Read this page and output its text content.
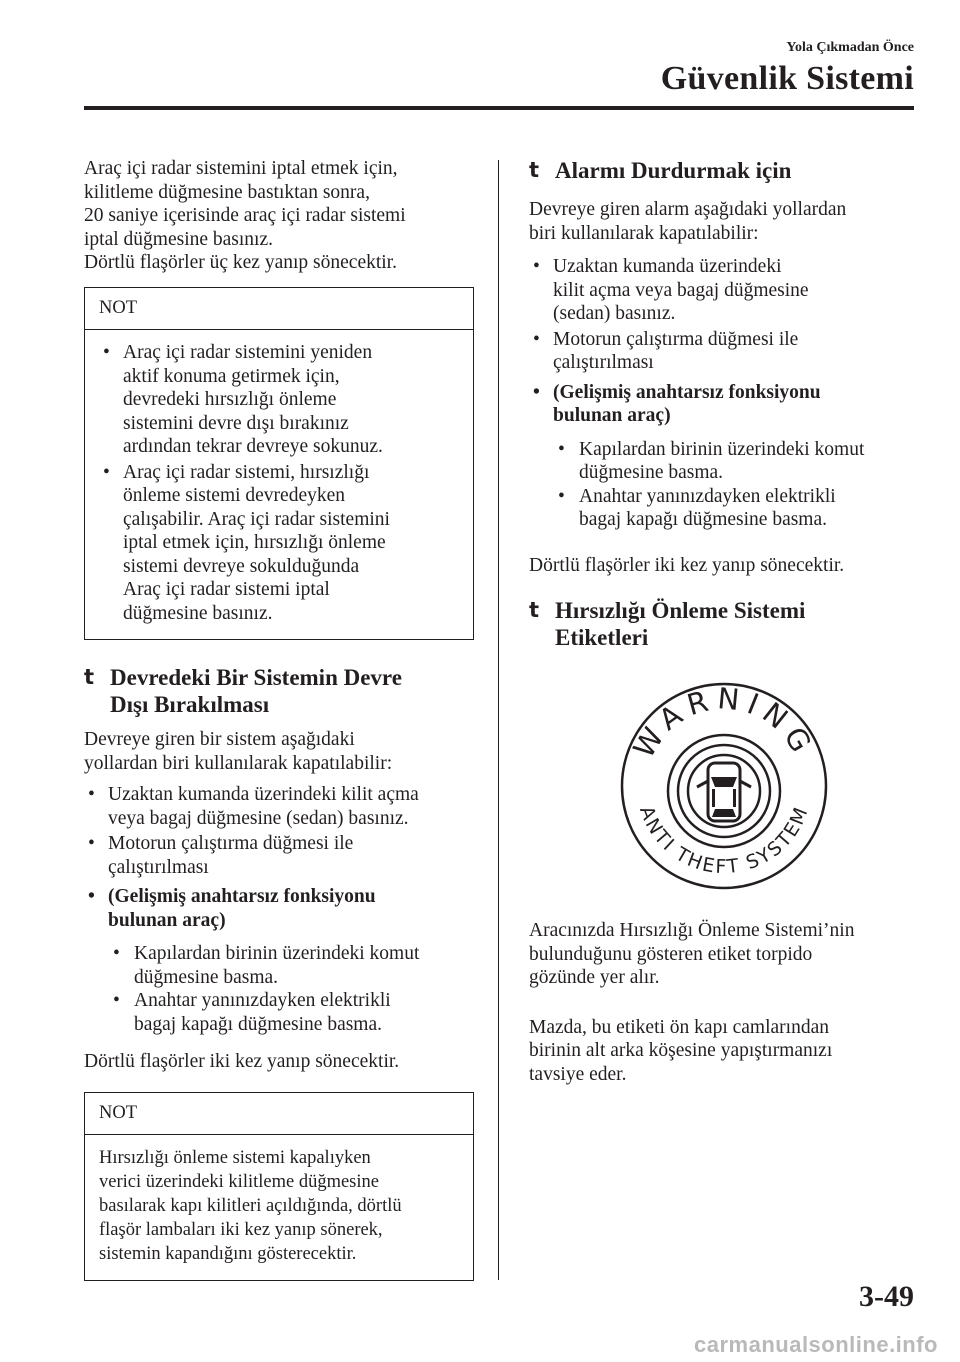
Yola Çıkmadan Önce
Güvenlik Sistemi
Araç içi radar sistemini iptal etmek için,
kilitleme düğmesine bastıktan sonra,
20 saniye içerisinde araç içi radar sistemi
iptal düğmesine basınız.
Dörtlü flaşörler üç kez yanıp sönecektir.
NOT
• Araç içi radar sistemini yeniden
aktif konuma getirmek için,
devredeki hırsızlığı önleme
sistemini devre dışı bırakınız
ardından tekrar devreye sokunuz.
• Araç içi radar sistemi, hırsızlığı
önleme sistemi devredeyken
çalışabilir. Araç içi radar sistemini
iptal etmek için, hırsızlığı önleme
sistemi devreye sokulduğunda
Araç içi radar sistemi iptal
düğmesine basınız.
t Devredeki Bir Sistemin Devre
Dışı Bırakılması
Devreye giren bir sistem aşağıdaki
yollardan biri kullanılarak kapatılabilir:
• Uzaktan kumanda üzerindeki kilit açma
veya bagaj düğmesine (sedan) basınız.
• Motorun çalıştırma düğmesi ile
çalıştırılması
• (Gelişmiş anahtarsız fonksiyonu
bulunan araç)
• Kapılardan birinin üzerindeki komut
düğmesine basma.
• Anahtar yanınızdayken elektrikli
bagaj kapağı düğmesine basma.
Dörtlü flaşörler iki kez yanıp sönecektir.
NOT
Hırsızlığı önleme sistemi kapalıyken
verici üzerindeki kilitleme düğmesine
basılarak kapı kilitleri açıldığında, dörtlü
flaşör lambaları iki kez yanıp sönerek,
sistemin kapandığını gösterecektir.
t Alarmı Durdurmak için
Devreye giren alarm aşağıdaki yollardan
biri kullanılarak kapatılabilir:
• Uzaktan kumanda üzerindeki
kilit açma veya bagaj düğmesine
(sedan) basınız.
• Motorun çalıştırma düğmesi ile
çalıştırılması
• (Gelişmiş anahtarsız fonksiyonu
bulunan araç)
• Kapılardan birinin üzerindeki komut
düğmesine basma.
• Anahtar yanınızdayken elektrikli
bagaj kapağı düğmesine basma.
Dörtlü flaşörler iki kez yanıp sönecektir.
t Hırsızlığı Önleme Sistemi
Etiketleri
WARNING
ANTI THEFT SYSTEM
Aracınızda Hırsızlığı Önleme Sistemi’nin
bulunduğunu gösteren etiket torpido
gözünde yer alır.
Mazda, bu etiketi ön kapı camlarından
birinin alt arka köşesine yapıştırmanızı
tavsiye eder.
3-49
carmanualsonline.info
